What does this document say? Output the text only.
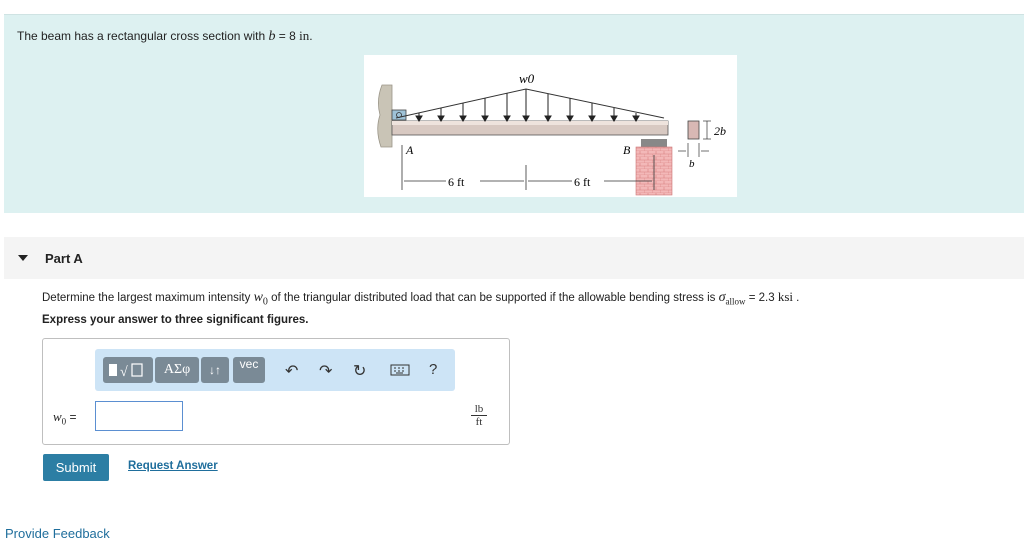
The beam has a rectangular cross section with b = 8 in.
w0
A	B
6 ft	6 ft
2b
b
Part A
Determine the largest maximum intensity $w_0$ of the triangular distributed load that can be supported if the allowable bending stress is $\sigma_{allow} = 2.3$ ksi .
Express your answer to three significant figures.
√	ΑΣφ	↓↑	vec	↶ ↷ ↻	?
$w_0$ =	$\frac{lb}{ft}$
Submit	Request Answer
Provide Feedback
